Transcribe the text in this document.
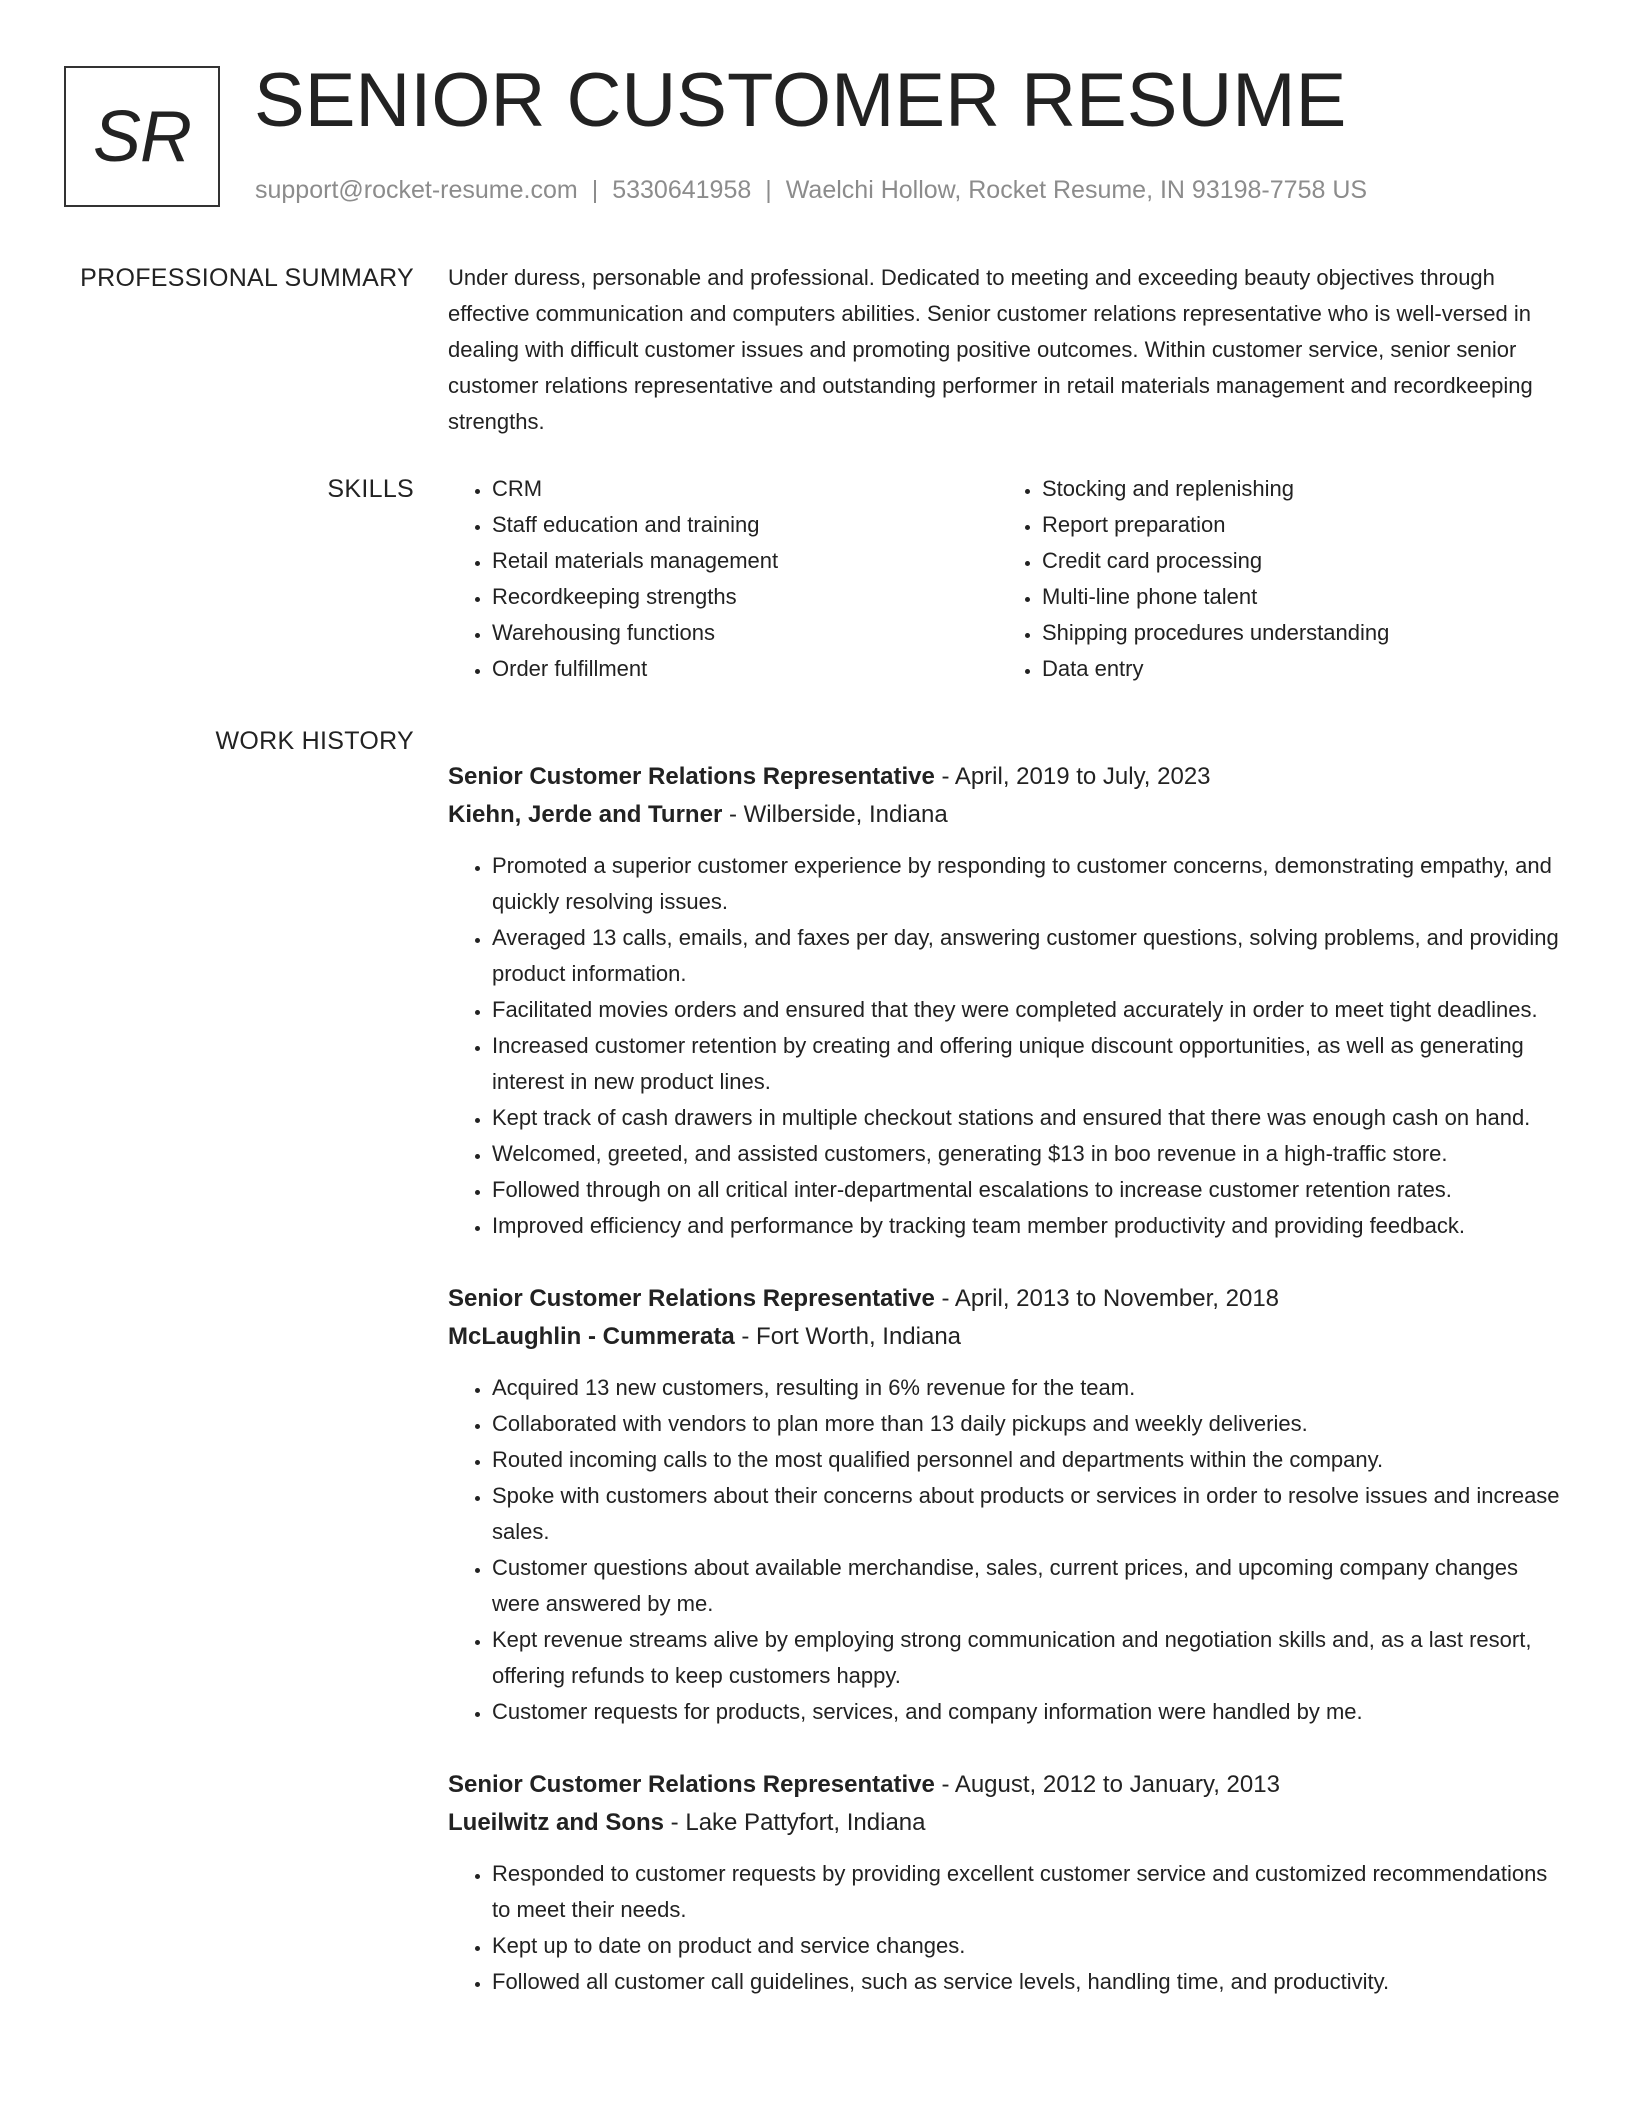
SR SENIOR CUSTOMER RESUME
support@rocket-resume.com | 5330641958 | Waelchi Hollow, Rocket Resume, IN 93198-7758 US
PROFESSIONAL SUMMARY Under duress, personable and professional. Dedicated to meeting and exceeding beauty objectives through effective communication and computers abilities. Senior customer relations representative who is well-versed in dealing with difficult customer issues and promoting positive outcomes. Within customer service, senior senior customer relations representative and outstanding performer in retail materials management and recordkeeping strengths.

SKILLS
•	CRM
• Staff education and training
• Retail materials management
• Recordkeeping strengths
• Warehousing functions
• Order fulfillment
• Stocking and replenishing
• Report preparation
• Credit card processing
• Multi-line phone talent
• Shipping procedures understanding
• Data entry
WORK HISTORY

Senior Customer Relations Representative - April, 2019 to July, 2023

Kiehn, Jerde and Turner - Wilberside, Indiana

• Promoted a superior customer experience by responding to customer concerns, demonstrating empathy, and quickly resolving issues.
• Averaged 13 calls, emails, and faxes per day, answering customer questions, solving problems, and providing product information.
• Facilitated movies orders and ensured that they were completed accurately in order to meet tight deadlines.
• Increased customer retention by creating and offering unique discount opportunities, as well as generating interest in new product lines.
• Kept track of cash drawers in multiple checkout stations and ensured that there was enough cash on hand.
• Welcomed, greeted, and assisted customers, generating $13 in boo revenue in a high-traffic store.
• Followed through on all critical inter-departmental escalations to increase customer retention rates.
• Improved efficiency and performance by tracking team member productivity and providing feedback.

Senior Customer Relations Representative - April, 2013 to November, 2018

McLaughlin - Cummerata - Fort Worth, Indiana

• Acquired 13 new customers, resulting in 6% revenue for the team.
• Collaborated with vendors to plan more than 13 daily pickups and weekly deliveries.
• Routed incoming calls to the most qualified personnel and departments within the company.
• Spoke with customers about their concerns about products or services in order to resolve issues and increase sales.
• Customer questions about available merchandise, sales, current prices, and upcoming company changes were answered by me.
• Kept revenue streams alive by employing strong communication and negotiation skills and, as a last resort, offering refunds to keep customers happy.
• Customer requests for products, services, and company information were handled by me.

Senior Customer Relations Representative - August, 2012 to January, 2013

Lueilwitz and Sons - Lake Pattyfort, Indiana

• Responded to customer requests by providing excellent customer service and customized recommendations to meet their needs.
• Kept up to date on product and service changes.
• Followed all customer call guidelines, such as service levels, handling time, and productivity.
